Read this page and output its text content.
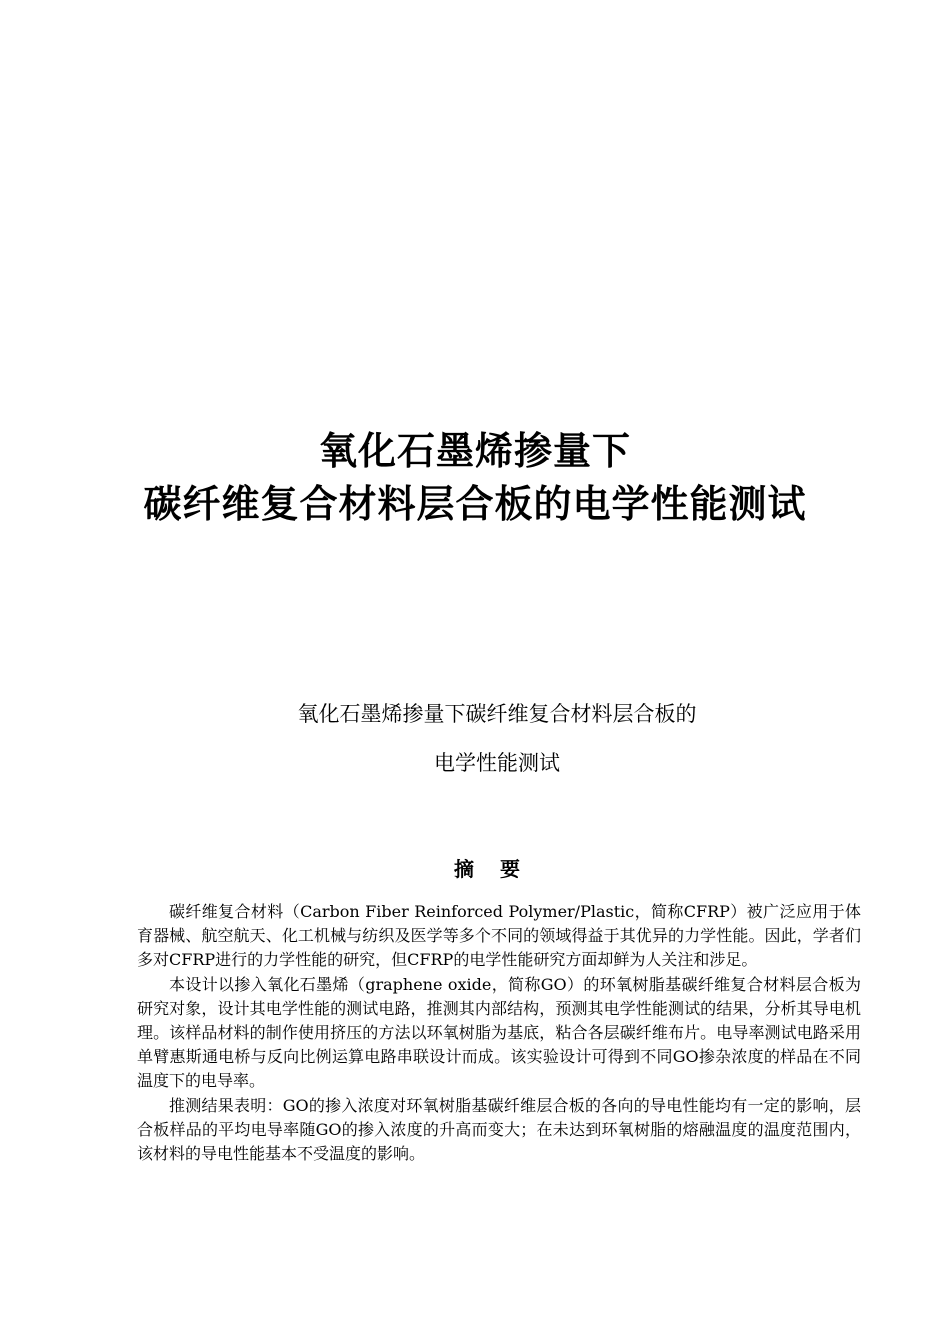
氧化石墨烯掺量下
碳纤维复合材料层合板的电学性能测试
氧化石墨烯掺量下碳纤维复合材料层合板的
电学性能测试
摘要

碳纤维复合材料（Carbon Fiber Reinforced Polymer/Plastic，简称CFRP）被广泛应用于体育器械、航空航天、化工机械与纺织及医学等多个不同的领域得益于其优异的力学性能。因此，学者们多对CFRP进行的力学性能的研究，但CFRP的电学性能研究方面却鲜为人关注和涉足。

本设计以掺入氧化石墨烯（graphene oxide，简称GO）的环氧树脂基碳纤维复合材料层合板为研究对象，设计其电学性能的测试电路，推测其内部结构，预测其电学性能测试的结果，分析其导电机理。该样品材料的制作使用挤压的方法以环氧树脂为基底，粘合各层碳纤维布片。电导率测试电路采用单臂惠斯通电桥与反向比例运算电路串联设计而成。该实验设计可得到不同GO掺杂浓度的样品在不同温度下的电导率。

推测结果表明：GO的掺入浓度对环氧树脂基碳纤维层合板的各向的导电性能均有一定的影响，层合板样品的平均电导率随GO的掺入浓度的升高而变大；在未达到环氧树脂的熔融温度的温度范围内，该材料的导电性能基本不受温度的影响。
